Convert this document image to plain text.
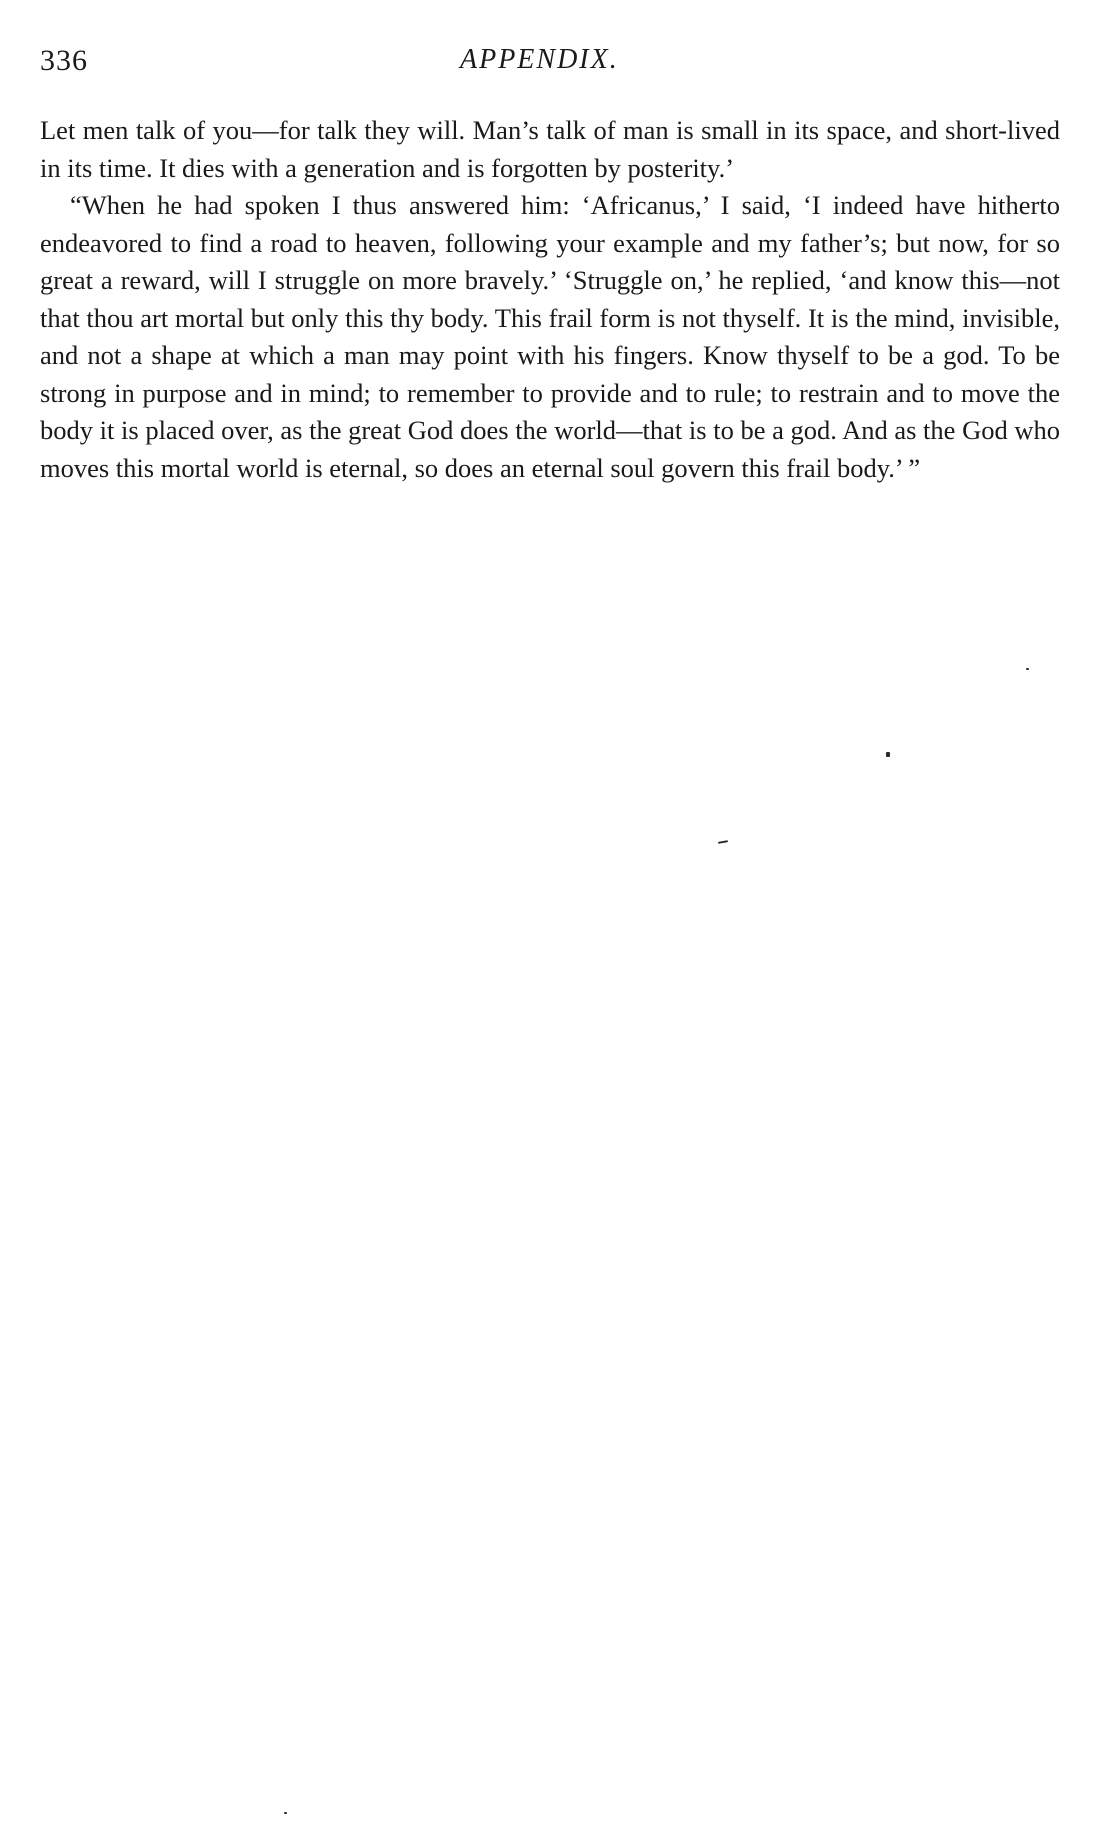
336	APPENDIX.

Let men talk of you—for talk they will. Man’s talk of man is small in its space, and short-lived in its time. It dies with a generation and is forgotten by posterity.’

“When he had spoken I thus answered him: ‘Africanus,’ I said, ‘I indeed have hitherto endeavored to find a road to heaven, following your example and my father’s; but now, for so great a reward, will I struggle on more bravely.’ ‘Struggle on,’ he replied, ‘and know this—not that thou art mortal but only this thy body. This frail form is not thyself. It is the mind, invisible, and not a shape at which a man may point with his fingers. Know thyself to be a god. To be strong in purpose and in mind; to remember to provide and to rule; to restrain and to move the body it is placed over, as the great God does the world—that is to be a god. And as the God who moves this mortal world is eternal, so does an eternal soul govern this frail body.’ ”
